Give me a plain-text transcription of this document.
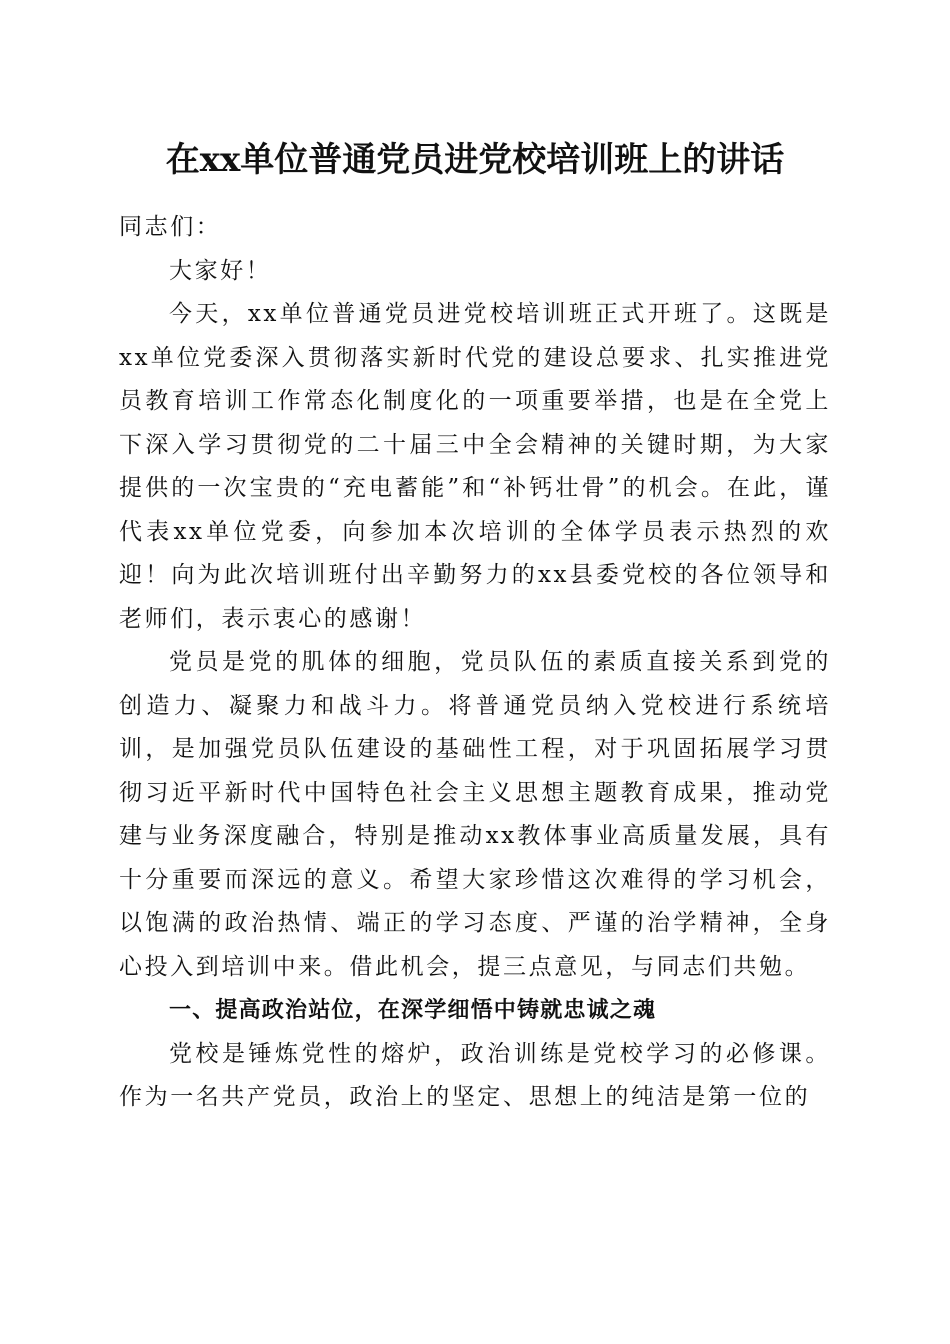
在xx单位普通党员进党校培训班上的讲话

同志们：

大家好！

今天，xx单位普通党员进党校培训班正式开班了。这既是xx单位党委深入贯彻落实新时代党的建设总要求、扎实推进党员教育培训工作常态化制度化的一项重要举措，也是在全党上下深入学习贯彻党的二十届三中全会精神的关键时期，为大家提供的一次宝贵的“充电蓄能”和“补钙壮骨”的机会。在此，谨代表xx单位党委，向参加本次培训的全体学员表示热烈的欢迎！向为此次培训班付出辛勤努力的xx县委党校的各位领导和老师们，表示衷心的感谢！

党员是党的肌体的细胞，党员队伍的素质直接关系到党的创造力、凝聚力和战斗力。将普通党员纳入党校进行系统培训，是加强党员队伍建设的基础性工程，对于巩固拓展学习贯彻习近平新时代中国特色社会主义思想主题教育成果，推动党建与业务深度融合，特别是推动xx教体事业高质量发展，具有十分重要而深远的意义。希望大家珍惜这次难得的学习机会，以饱满的政治热情、端正的学习态度、严谨的治学精神，全身心投入到培训中来。借此机会，提三点意见，与同志们共勉。

一、提高政治站位，在深学细悟中铸就忠诚之魂

党校是锤炼党性的熔炉，政治训练是党校学习的必修课。作为一名共产党员，政治上的坚定、思想上的纯洁是第一位的
